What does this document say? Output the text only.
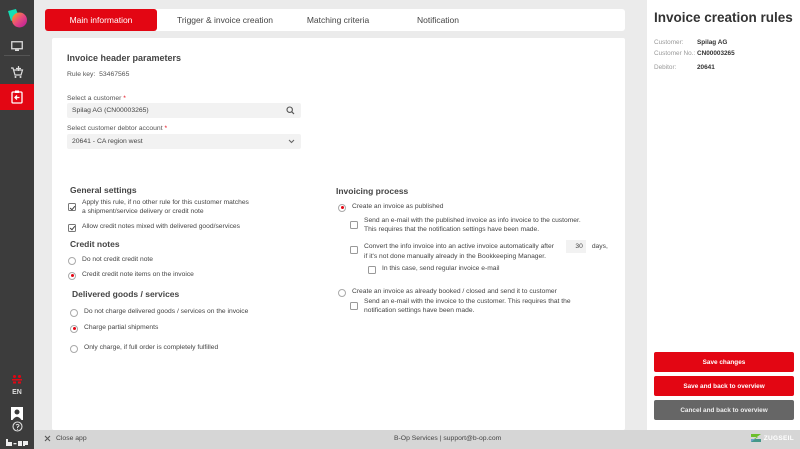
EN
Main information	Trigger & invoice creation	Matching criteria	Notification
Invoice header parameters
Rule key: 53467565
Select a customer *
Spilag AG (CN00003265)
Select customer debtor account *
20641 - CA region west
General settings
Apply this rule, if no other rule for this customer matches
a shipment/service delivery or credit note
Allow credit notes mixed with delivered good/services
Credit notes
Do not credit credit note
Credit credit note items on the invoice
Delivered goods / services
Do not charge delivered goods / services on the invoice
Charge partial shipments
Only charge, if full order is completely fulfilled
Invoicing process
Create an invoice as published
Send an e-mail with the published invoice as info invoice to the customer.
This requires that the notification settings have been made.
Convert the info invoice into an active invoice automatically after	30 days,
if it's not done manually already in the Bookkeeping Manager.
In this case, send regular invoice e-mail
Create an invoice as already booked / closed and send it to customer
Send an e-mail with the invoice to the customer. This requires that the
notification settings have been made.
Invoice creation rules
Customer:	Spilag AG
Customer No.: CN00003265
Debitor:	20641
Save changes
Save and back to overview
Cancel and back to overview
Close app	B-Op Services | support@b-op.com	ZUGSEIL
